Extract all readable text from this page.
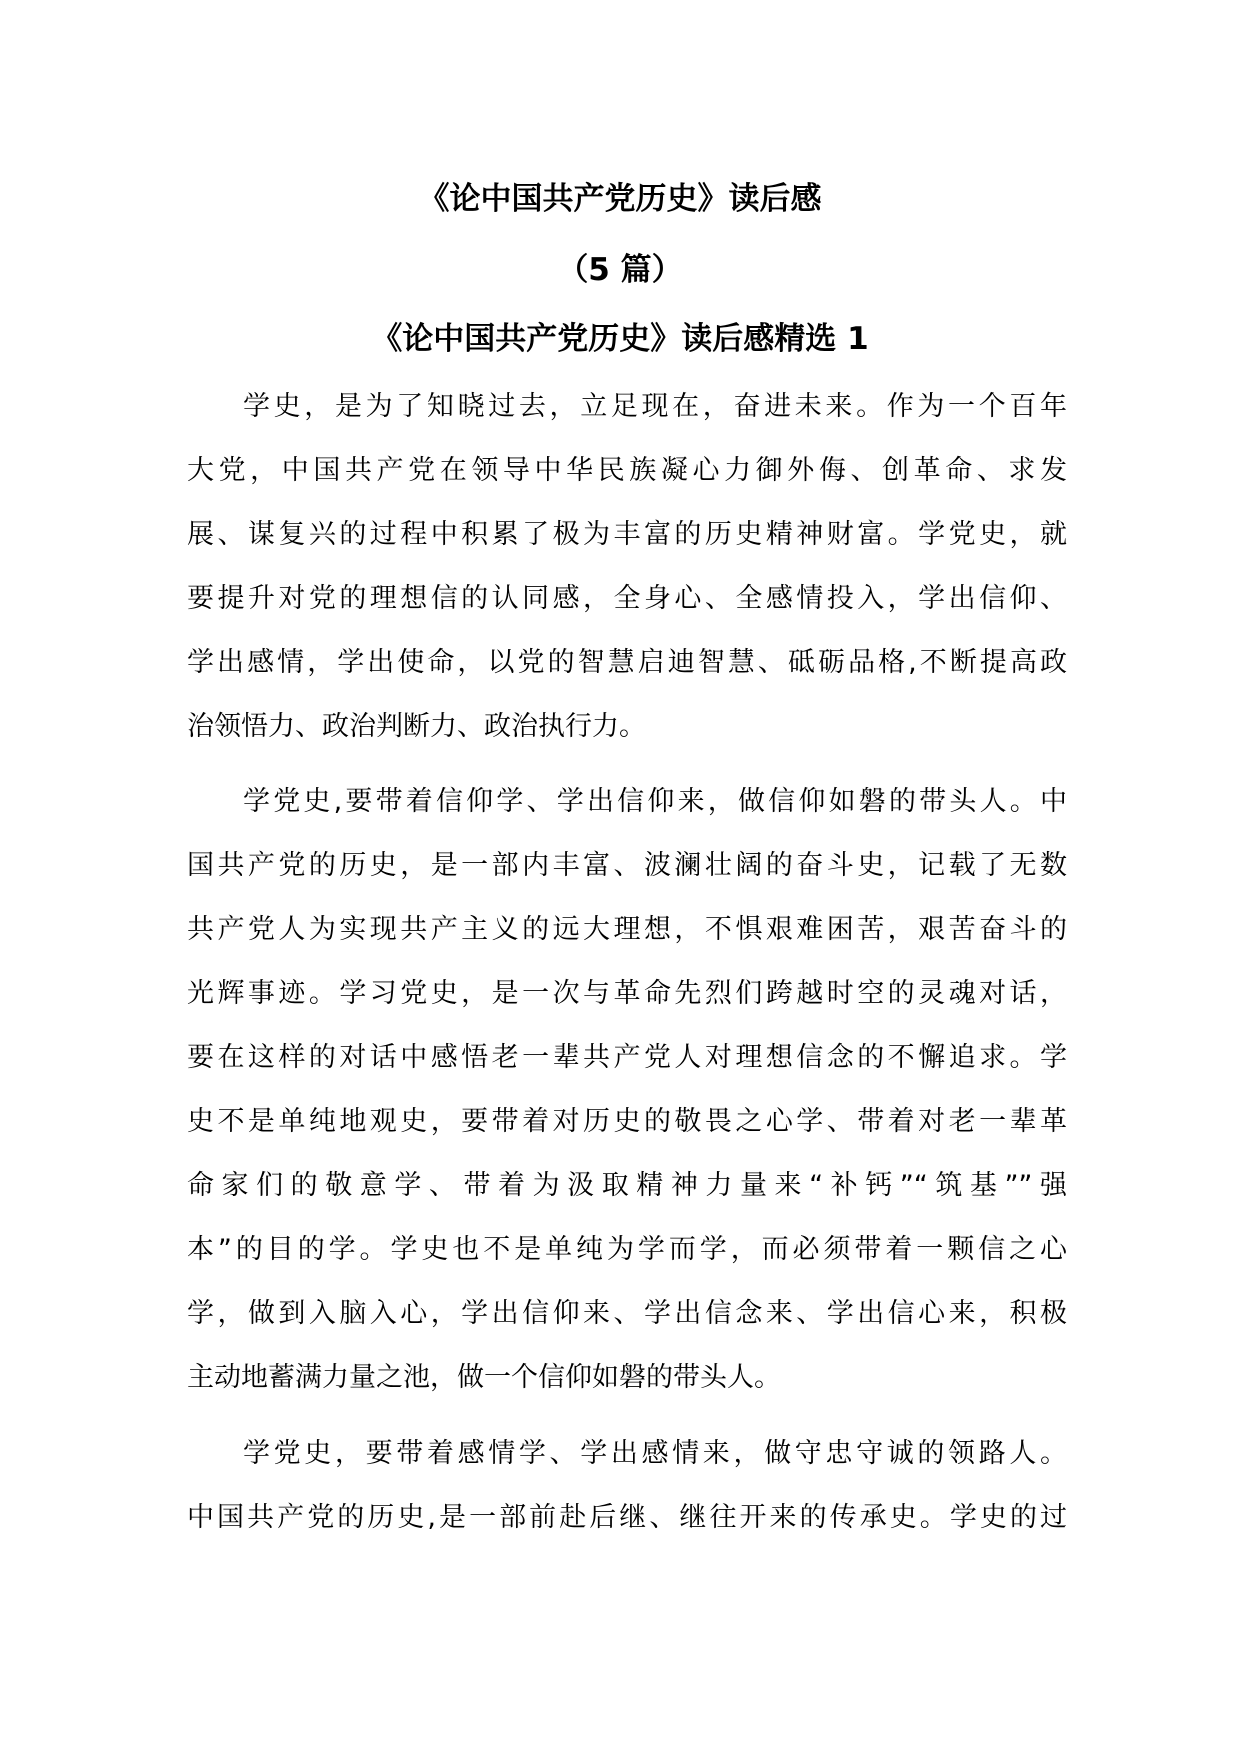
《论中国共产党历史》读后感
（5 篇）
《论中国共产党历史》读后感精选 1
学史，是为了知晓过去，立足现在，奋进未来。作为一个百年
大党，中国共产党在领导中华民族凝心力御外侮、创革命、求发
展、谋复兴的过程中积累了极为丰富的历史精神财富。学党史，就
要提升对党的理想信的认同感，全身心、全感情投入，学出信仰、
学出感情，学出使命，以党的智慧启迪智慧、砥砺品格,不断提高政
治领悟力、政治判断力、政治执行力。
学党史,要带着信仰学、学出信仰来，做信仰如磐的带头人。中
国共产党的历史，是一部内丰富、波澜壮阔的奋斗史，记载了无数
共产党人为实现共产主义的远大理想，不惧艰难困苦，艰苦奋斗的
光辉事迹。学习党史，是一次与革命先烈们跨越时空的灵魂对话，
要在这样的对话中感悟老一辈共产党人对理想信念的不懈追求。学
史不是单纯地观史，要带着对历史的敬畏之心学、带着对老一辈革
命家们的敬意学、带着为汲取精神力量来“补钙”“筑基””强
本”的目的学。学史也不是单纯为学而学，而必须带着一颗信之心
学，做到入脑入心，学出信仰来、学出信念来、学出信心来，积极
主动地蓄满力量之池，做一个信仰如磐的带头人。
学党史，要带着感情学、学出感情来，做守忠守诚的领路人。
中国共产党的历史,是一部前赴后继、继往开来的传承史。学史的过
